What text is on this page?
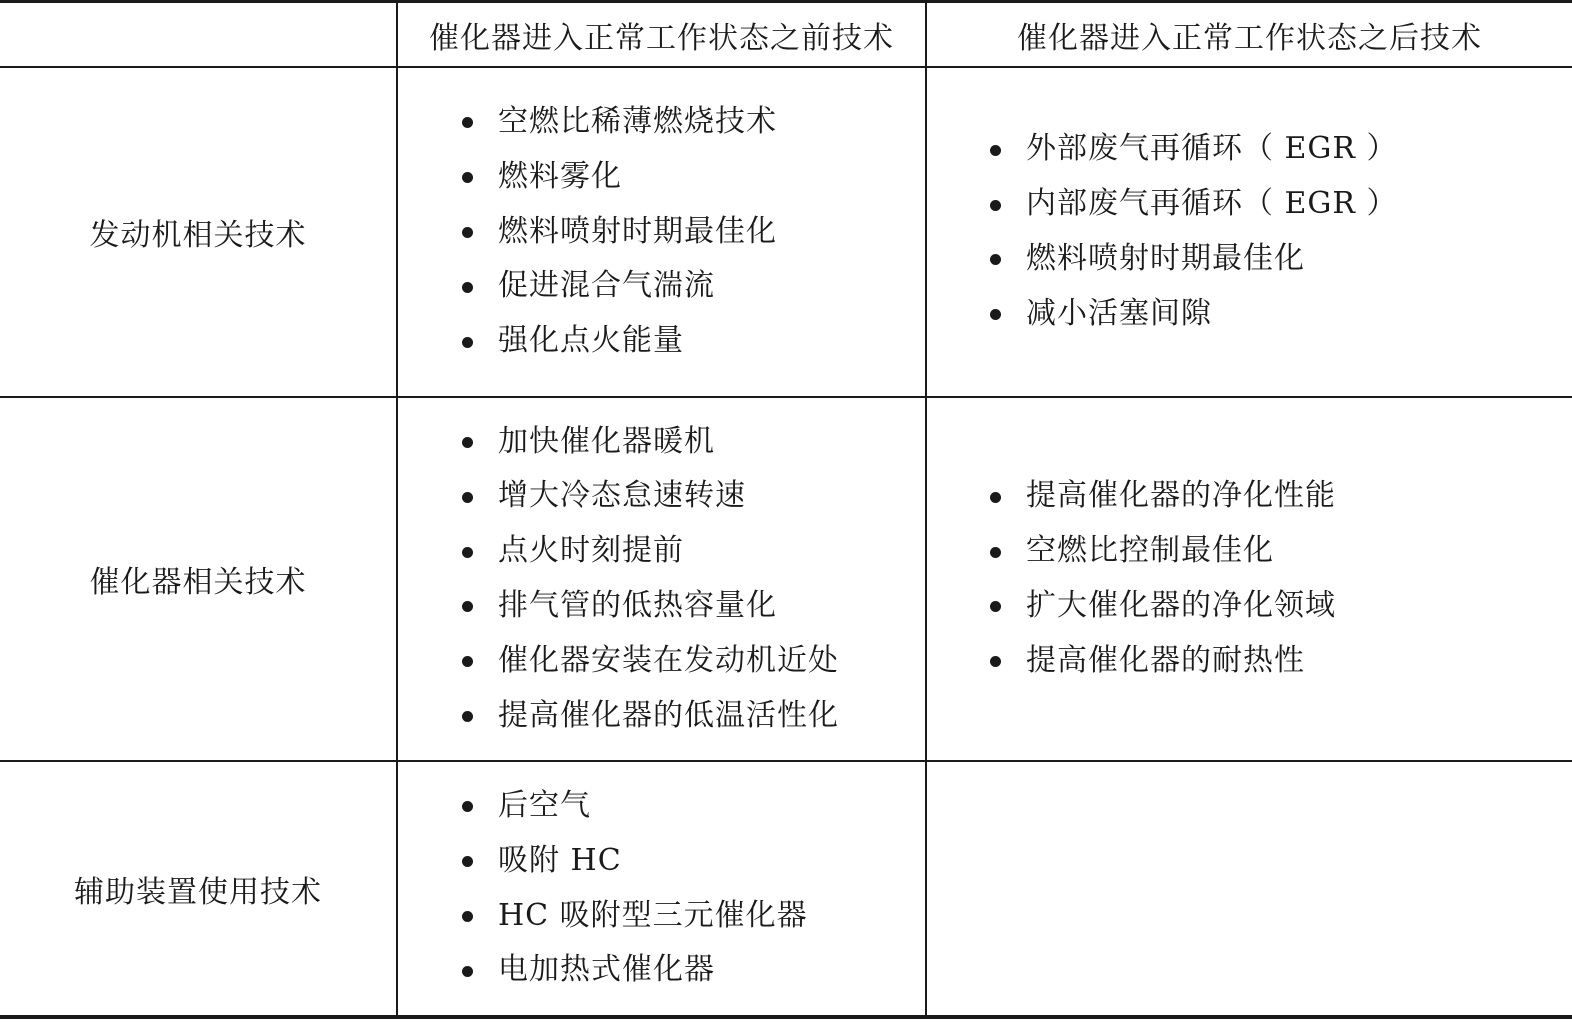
催化器进入正常工作状态之前技术	催化器进入正常工作状态之后技术
发动机相关技术
催化器相关技术
辅助装置使用技术
空燃比稀薄燃烧技术
燃料雾化
燃料喷射时期最佳化
促进混合气湍流
强化点火能量
外部废气再循环（ EGR ）
内部废气再循环（ EGR ）
燃料喷射时期最佳化
减小活塞间隙
加快催化器暖机
增大冷态怠速转速
点火时刻提前
排气管的低热容量化
催化器安装在发动机近处
提高催化器的低温活性化
提高催化器的净化性能
空燃比控制最佳化
扩大催化器的净化领域
提高催化器的耐热性
后空气
吸附 HC
HC 吸附型三元催化器
电加热式催化器
